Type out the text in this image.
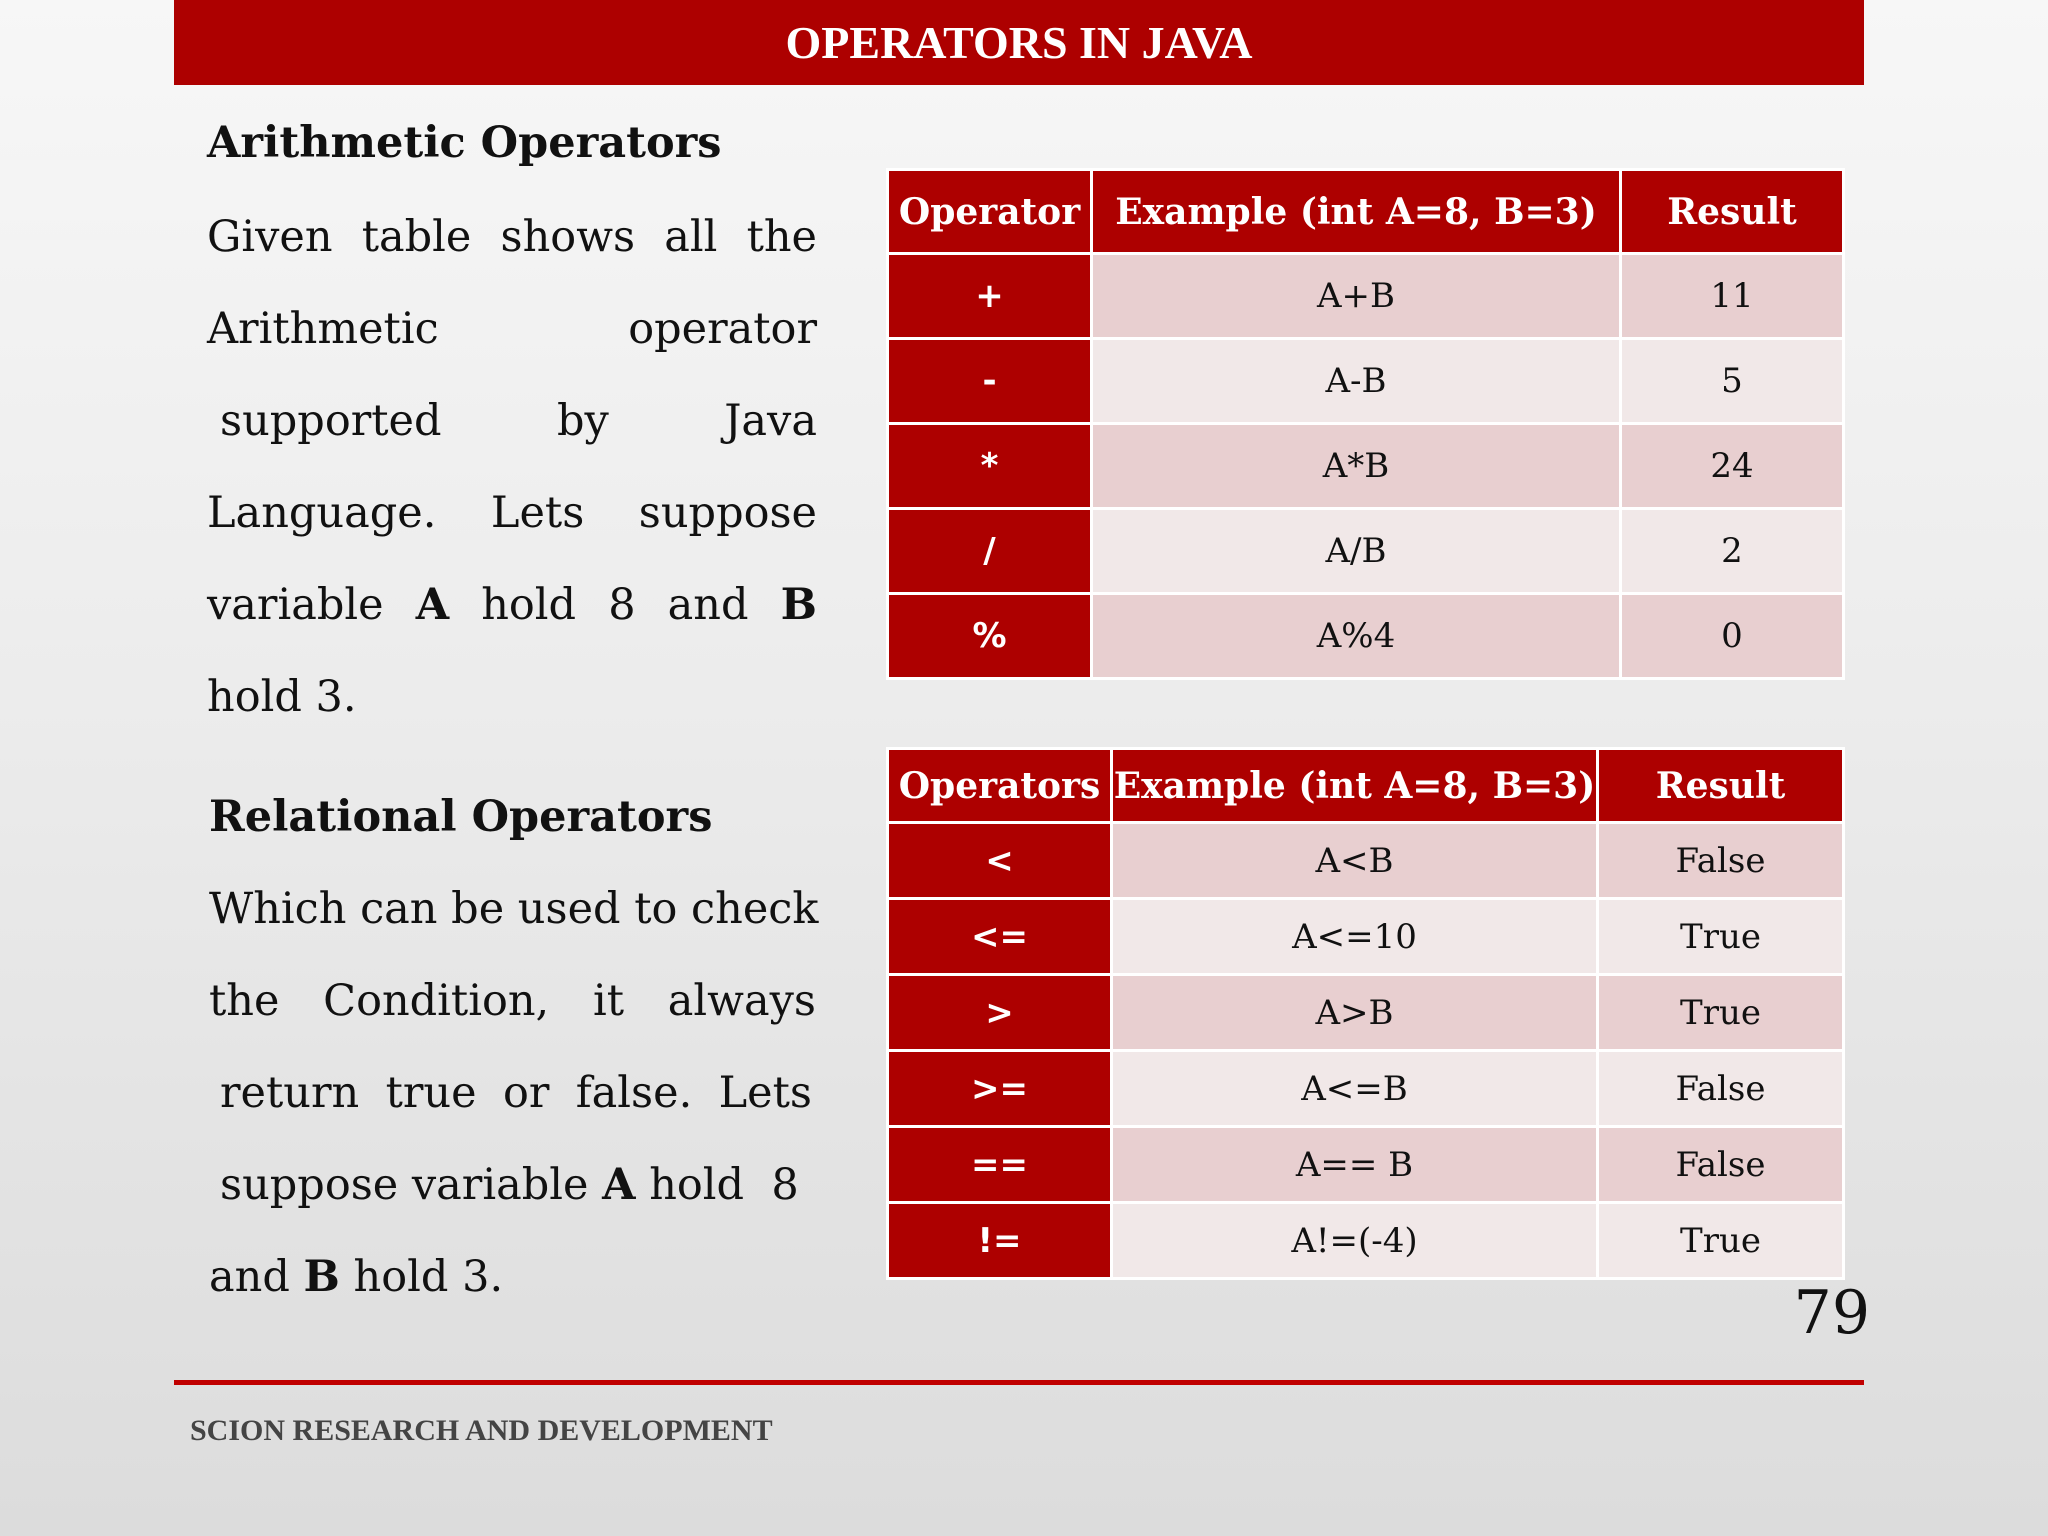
OPERATORS IN JAVA
Arithmetic Operators
Given table shows all the
Arithmetic	operator
supported	by	Java
Language. Lets suppose
variable A hold 8 and B
hold 3.
Operator	Example (int A=8, B=3)	Result
+	A+B	11
-	A-B	5
*	A*B	24
/	A/B	2
%	A%4	0
Relational Operators
Which can be used to check
the Condition, it always
return true or false. Lets
suppose variable A hold  8
and B hold 3.
Operators	Example (int A=8, B=3)	Result
<	A<B	False
<=	A<=10	True
>	A>B	True
>=	A<=B	False
==	A== B	False
!=	A!=(-4)	True
79
SCION RESEARCH AND DEVELOPMENT
